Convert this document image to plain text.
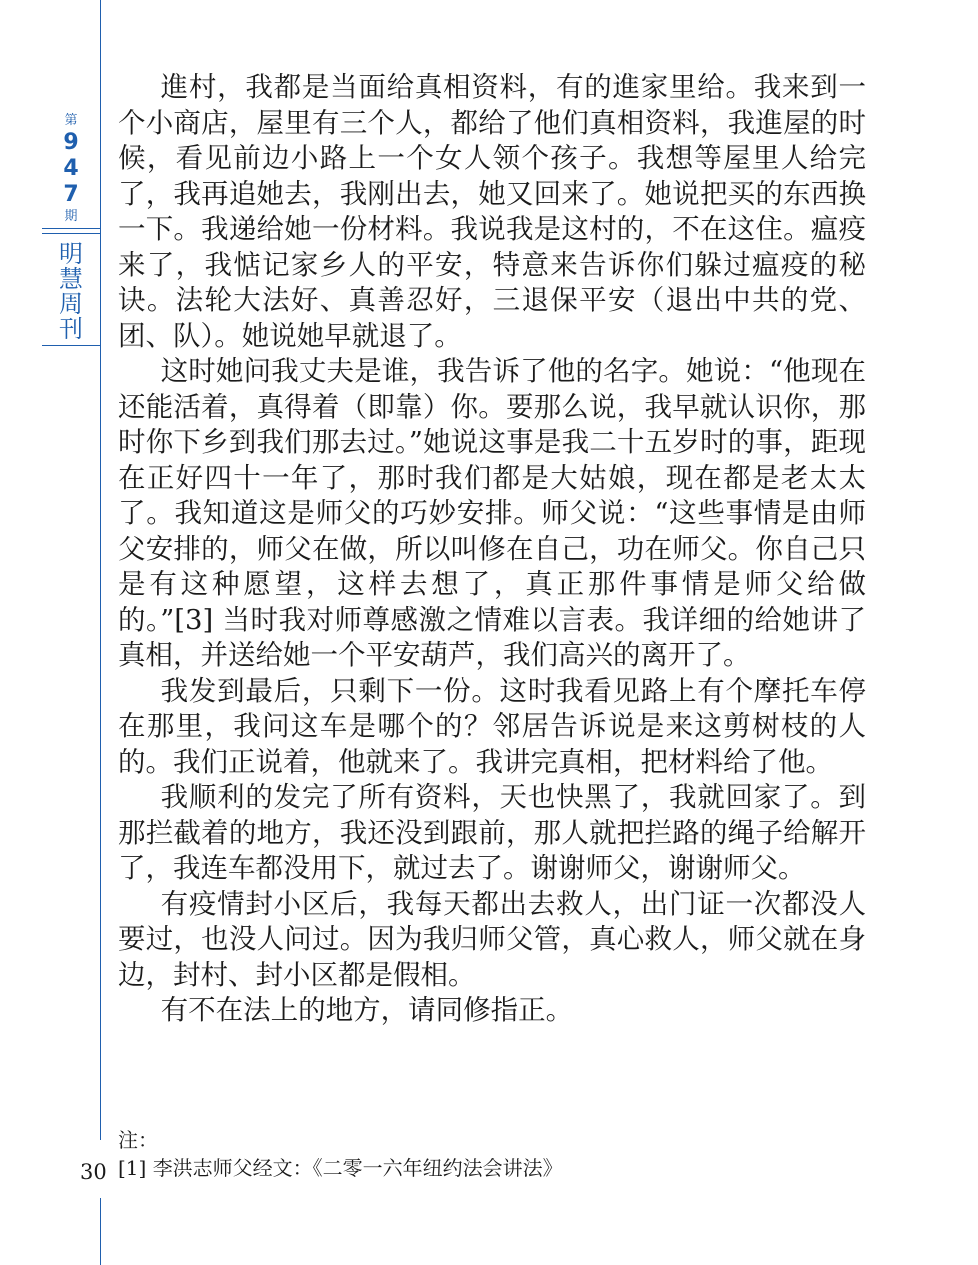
第
9
4
7
期
明
慧
周
刊

進村，我都是当面给真相资料，有的進家里给。我来到一个小商店，屋里有三个人，都给了他们真相资料，我進屋的时候，看见前边小路上一个女人领个孩子。我想等屋里人给完了，我再追她去，我刚出去，她又回来了。她说把买的东西换一下。我递给她一份材料。我说我是这村的，不在这住。瘟疫来了，我惦记家乡人的平安，特意来告诉你们躲过瘟疫的秘诀。法轮大法好、真善忍好，三退保平安（退出中共的党、团、队）。她说她早就退了。

这时她问我丈夫是谁，我告诉了他的名字。她说：“他现在还能活着，真得着（即靠）你。要那么说，我早就认识你，那时你下乡到我们那去过。”她说这事是我二十五岁时的事，距现在正好四十一年了，那时我们都是大姑娘，现在都是老太太了。我知道这是师父的巧妙安排。师父说：“这些事情是由师父安排的，师父在做，所以叫修在自己，功在师父。你自己只是有这种愿望，这样去想了，真正那件事情是师父给做的。”[3] 当时我对师尊感激之情难以言表。我详细的给她讲了真相，并送给她一个平安葫芦，我们高兴的离开了。

我发到最后，只剩下一份。这时我看见路上有个摩托车停在那里，我问这车是哪个的？邻居告诉说是来这剪树枝的人的。我们正说着，他就来了。我讲完真相，把材料给了他。

我顺利的发完了所有资料，天也快黑了，我就回家了。到那拦截着的地方，我还没到跟前，那人就把拦路的绳子给解开了，我连车都没用下，就过去了。谢谢师父，谢谢师父。

有疫情封小区后，我每天都出去救人，出门证一次都没人要过，也没人问过。因为我归师父管，真心救人，师父就在身边，封村、封小区都是假相。

有不在法上的地方，请同修指正。

注：
[1] 李洪志师父经文：《二零一六年纽约法会讲法》
30
